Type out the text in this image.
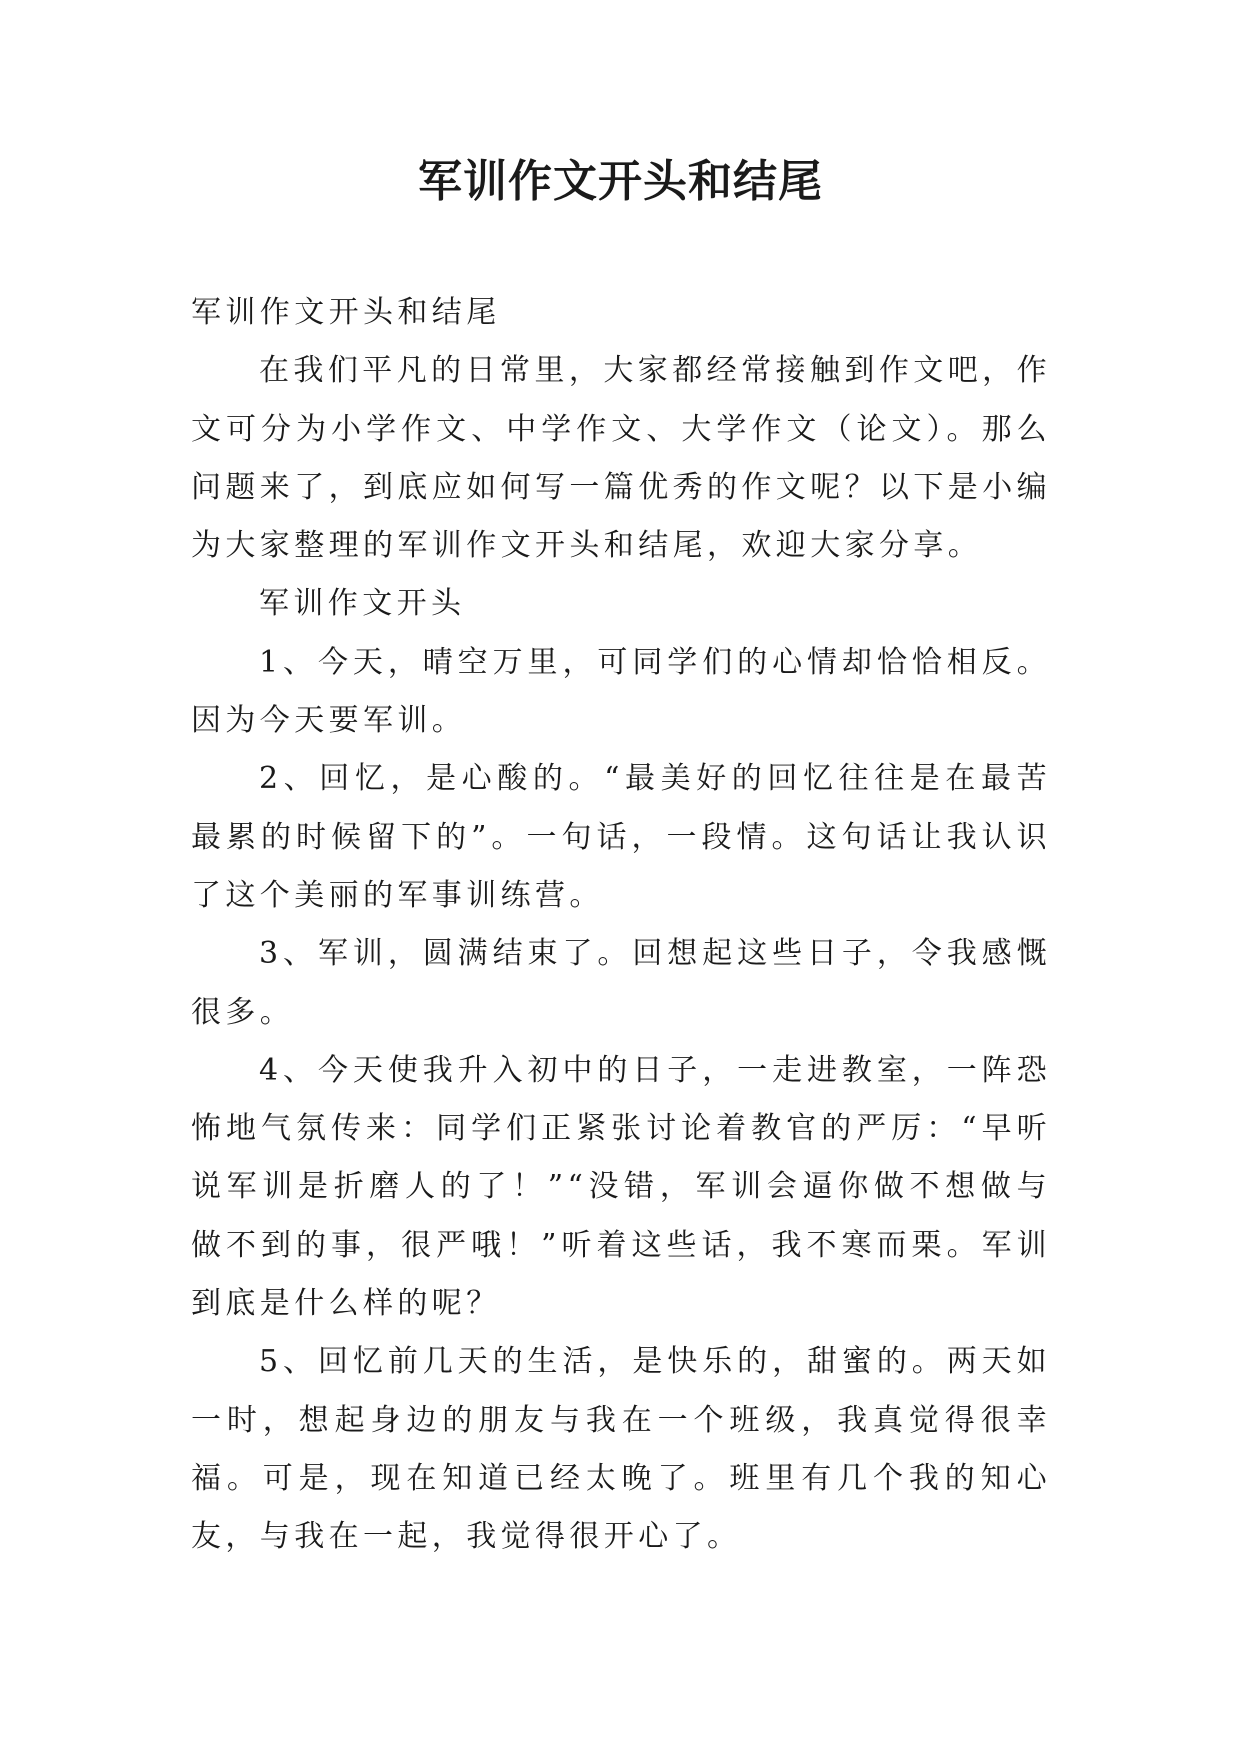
军训作文开头和结尾

军训作文开头和结尾

在我们平凡的日常里，大家都经常接触到作文吧，作文可分为小学作文、中学作文、大学作文（论文）。那么问题来了，到底应如何写一篇优秀的作文呢？以下是小编为大家整理的军训作文开头和结尾，欢迎大家分享。

军训作文开头

1、今天，晴空万里，可同学们的心情却恰恰相反。因为今天要军训。

2、回忆，是心酸的。“最美好的回忆往往是在最苦最累的时候留下的”。一句话，一段情。这句话让我认识了这个美丽的军事训练营。

3、军训，圆满结束了。回想起这些日子，令我感慨很多。

4、今天使我升入初中的日子，一走进教室，一阵恐怖地气氛传来：同学们正紧张讨论着教官的严厉：“早听说军训是折磨人的了！”“没错，军训会逼你做不想做与做不到的事，很严哦！”听着这些话，我不寒而栗。军训到底是什么样的呢？

5、回忆前几天的生活，是快乐的，甜蜜的。两天如一时，想起身边的朋友与我在一个班级，我真觉得很幸福。可是，现在知道已经太晚了。班里有几个我的知心友，与我在一起，我觉得很开心了。
